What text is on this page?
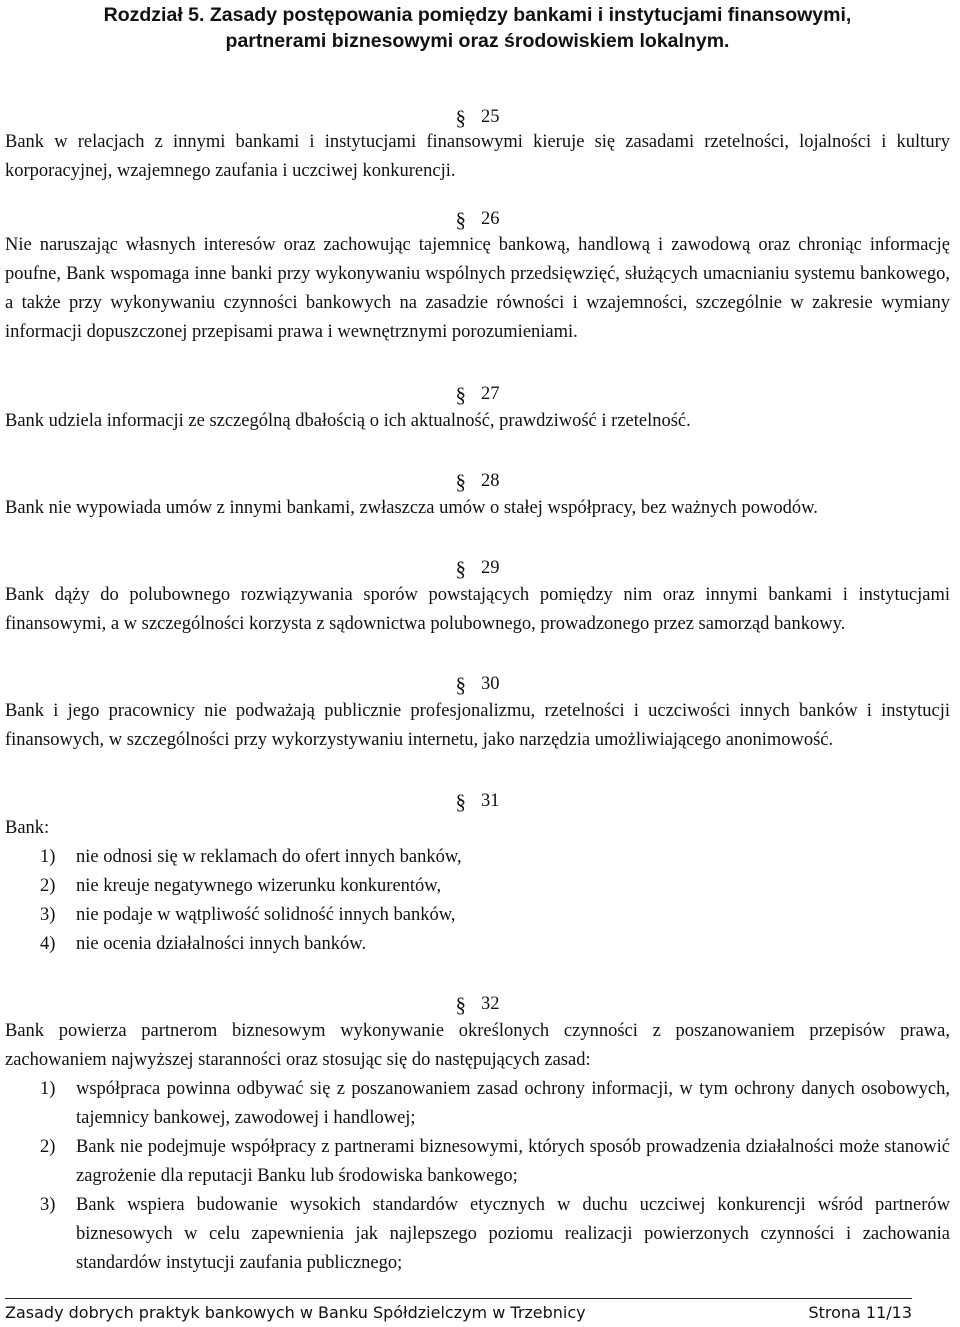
Rozdział 5. Zasady postępowania pomiędzy bankami i instytucjami finansowymi,
partnerami biznesowymi oraz środowiskiem lokalnym.
§ 25

Bank w relacjach z innymi bankami i instytucjami finansowymi kieruje się zasadami rzetelności, lojalności i kultury korporacyjnej, wzajemnego zaufania i uczciwej konkurencji.

§ 26

Nie naruszając własnych interesów oraz zachowując tajemnicę bankową, handlową i zawodową oraz chroniąc informację poufne, Bank wspomaga inne banki przy wykonywaniu wspólnych przedsięwzięć, służących umacnianiu systemu bankowego, a także przy wykonywaniu czynności bankowych na zasadzie równości i wzajemności, szczególnie w zakresie wymiany informacji dopuszczonej przepisami prawa i wewnętrznymi porozumieniami.

§ 27

Bank udziela informacji ze szczególną dbałością o ich aktualność, prawdziwość i rzetelność.

§ 28

Bank nie wypowiada umów z innymi bankami, zwłaszcza umów o stałej współpracy, bez ważnych powodów.

§ 29

Bank dąży do polubownego rozwiązywania sporów powstających pomiędzy nim oraz innymi bankami i instytucjami finansowymi, a w szczególności korzysta z sądownictwa polubownego, prowadzonego przez samorząd bankowy.

§ 30

Bank i jego pracownicy nie podważają publicznie profesjonalizmu, rzetelności i uczciwości innych banków i instytucji finansowych, w szczególności przy wykorzystywaniu internetu, jako narzędzia umożliwiającego anonimowość.

§ 31

Bank:

1) nie odnosi się w reklamach do ofert innych banków,
2) nie kreuje negatywnego wizerunku konkurentów,
3) nie podaje w wątpliwość solidność innych banków,
4) nie ocenia działalności innych banków.
§ 32

Bank powierza partnerom biznesowym wykonywanie określonych czynności z poszanowaniem przepisów prawa, zachowaniem najwyższej staranności oraz stosując się do następujących zasad:

1) współpraca powinna odbywać się z poszanowaniem zasad ochrony informacji, w tym ochrony danych osobowych, tajemnicy bankowej, zawodowej i handlowej;
2) Bank nie podejmuje współpracy z partnerami biznesowymi, których sposób prowadzenia działalności może stanowić zagrożenie dla reputacji Banku lub środowiska bankowego;
3) Bank wspiera budowanie wysokich standardów etycznych w duchu uczciwej konkurencji wśród partnerów biznesowych w celu zapewnienia jak najlepszego poziomu realizacji powierzonych czynności i zachowania standardów instytucji zaufania publicznego;
Zasady dobrych praktyk bankowych w Banku Spółdzielczym w Trzebnicy	Strona 11/13
